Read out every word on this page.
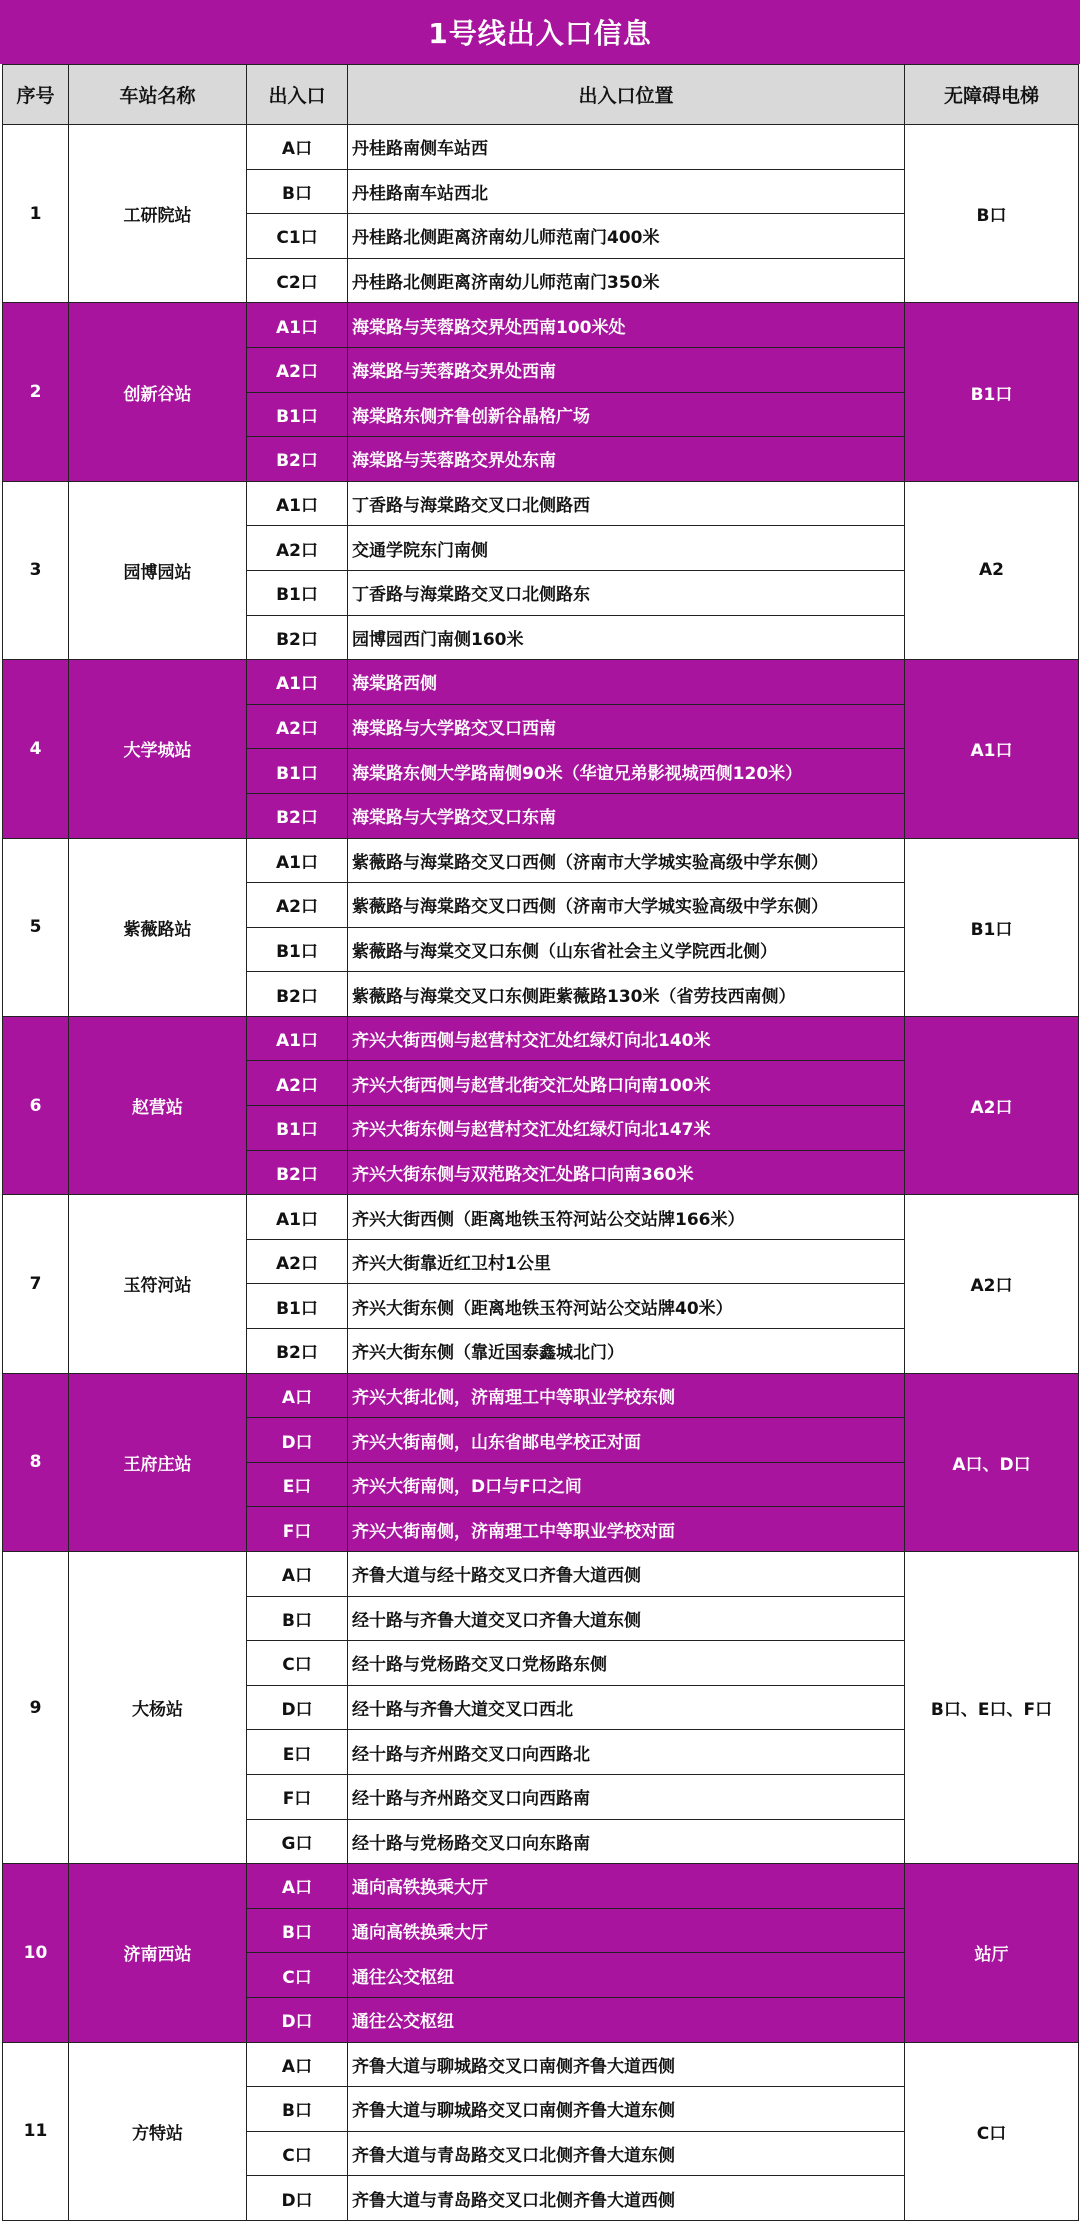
1号线出入口信息
序号	车站名称	出入口	出入口位置	无障碍电梯
1	工研院站	A口	丹桂路南侧车站西	B口
		B口	丹桂路南车站西北	
		C1口	丹桂路北侧距离济南幼儿师范南门400米	
		C2口	丹桂路北侧距离济南幼儿师范南门350米	
2	创新谷站	A1口	海棠路与芙蓉路交界处西南100米处	B1口
		A2口	海棠路与芙蓉路交界处西南	
		B1口	海棠路东侧齐鲁创新谷晶格广场	
		B2口	海棠路与芙蓉路交界处东南	
3	园博园站	A1口	丁香路与海棠路交叉口北侧路西	A2
		A2口	交通学院东门南侧	
		B1口	丁香路与海棠路交叉口北侧路东	
		B2口	园博园西门南侧160米	
4	大学城站	A1口	海棠路西侧	A1口
		A2口	海棠路与大学路交叉口西南	
		B1口	海棠路东侧大学路南侧90米（华谊兄弟影视城西侧120米）	
		B2口	海棠路与大学路交叉口东南	
5	紫薇路站	A1口	紫薇路与海棠路交叉口西侧（济南市大学城实验高级中学东侧）	B1口
		A2口	紫薇路与海棠路交叉口西侧（济南市大学城实验高级中学东侧）	
		B1口	紫薇路与海棠交叉口东侧（山东省社会主义学院西北侧）	
		B2口	紫薇路与海棠交叉口东侧距紫薇路130米（省劳技西南侧）	
6	赵营站	A1口	齐兴大街西侧与赵营村交汇处红绿灯向北140米	A2口
		A2口	齐兴大街西侧与赵营北街交汇处路口向南100米	
		B1口	齐兴大街东侧与赵营村交汇处红绿灯向北147米	
		B2口	齐兴大街东侧与双范路交汇处路口向南360米	
7	玉符河站	A1口	齐兴大街西侧（距离地铁玉符河站公交站牌166米）	A2口
		A2口	齐兴大街靠近红卫村1公里	
		B1口	齐兴大街东侧（距离地铁玉符河站公交站牌40米）	
		B2口	齐兴大街东侧（靠近国泰鑫城北门）	
8	王府庄站	A口	齐兴大街北侧，济南理工中等职业学校东侧	A口、D口
		D口	齐兴大街南侧，山东省邮电学校正对面	
		E口	齐兴大街南侧，D口与F口之间	
		F口	齐兴大街南侧，济南理工中等职业学校对面	
9	大杨站	A口	齐鲁大道与经十路交叉口齐鲁大道西侧	B口、E口、F口
		B口	经十路与齐鲁大道交叉口齐鲁大道东侧	
		C口	经十路与党杨路交叉口党杨路东侧	
		D口	经十路与齐鲁大道交叉口西北	
		E口	经十路与齐州路交叉口向西路北	
		F口	经十路与齐州路交叉口向西路南	
		G口	经十路与党杨路交叉口向东路南	
10	济南西站	A口	通向高铁换乘大厅	站厅
		B口	通向高铁换乘大厅	
		C口	通往公交枢纽	
		D口	通往公交枢纽	
11	方特站	A口	齐鲁大道与聊城路交叉口南侧齐鲁大道西侧	C口
		B口	齐鲁大道与聊城路交叉口南侧齐鲁大道东侧	
		C口	齐鲁大道与青岛路交叉口北侧齐鲁大道东侧	
		D口	齐鲁大道与青岛路交叉口北侧齐鲁大道西侧	
